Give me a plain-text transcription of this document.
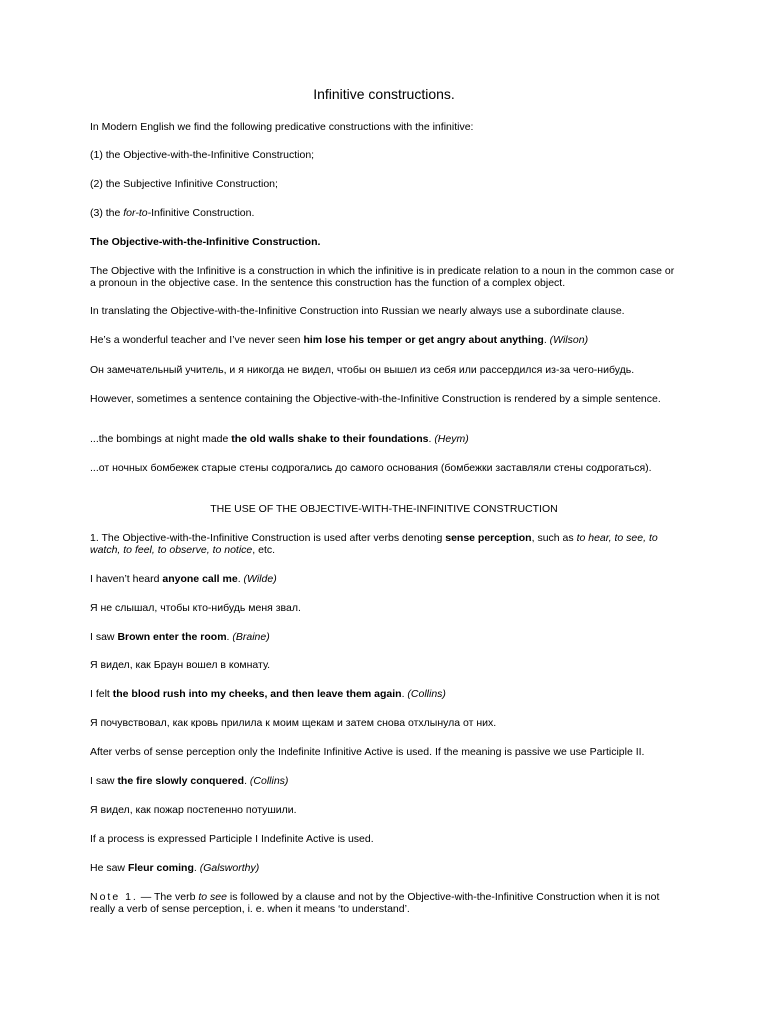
Infinitive constructions.

In Modern English we find the following predicative constructions with the infinitive:

(1) the Objective-with-the-Infinitive Construction;

(2) the Subjective Infinitive Construction;

(3) the for-to-Infinitive Construction.

The Objective-with-the-Infinitive Construction.

The Objective with the Infinitive is a construction in which the infinitive is in predicate relation to a noun in the common case or a pronoun in the objective case. In the sentence this construction has the function of a complex object.

In translating the Objective-with-the-Infinitive Construction into Russian we nearly always use a subordinate clause.

He’s a wonderful teacher and I’ve never seen him lose his temper or get angry about anything. (Wilson)

Он замечательный учитель, и я никогда не видел, чтобы он вышел из себя или рассердился из-за чего-нибудь.

However, sometimes a sentence containing the Objective-with-the-Infinitive Construction is rendered by a simple sentence.

...the bombings at night made the old walls shake to their foundations. (Heym)

...от ночных бомбежек старые стены содрогались до самого основания (бомбежки заставляли стены содрогаться).

THE USE OF THE OBJECTIVE-WITH-THE-INFINITIVE CONSTRUCTION

1. The Objective-with-the-Infinitive Construction is used after verbs denoting sense perception, such as to hear, to see, to watch, to feel, to observe, to notice, etc.

I haven’t heard anyone call me. (Wilde)

Я не слышал, чтобы кто-нибудь меня звал.

I saw Brown enter the room. (Braine)

Я видел, как Браун вошел в комнату.

I felt the blood rush into my cheeks, and then leave them again. (Collins)

Я почувствовал, как кровь прилила к моим щекам и затем снова отхлынула от них.

After verbs of sense perception only the Indefinite Infinitive Active is used. If the meaning is passive we use Participle II.

I saw the fire slowly conquered. (Collins)

Я видел, как пожар постепенно потушили.

If a process is expressed Participle I Indefinite Active is used.

He saw Fleur coming. (Galsworthy)

Note 1. — The verb to see is followed by a clause and not by the Objective-with-the-Infinitive Construction when it is not really a verb of sense perception, i. e. when it means ‘to understand’.
